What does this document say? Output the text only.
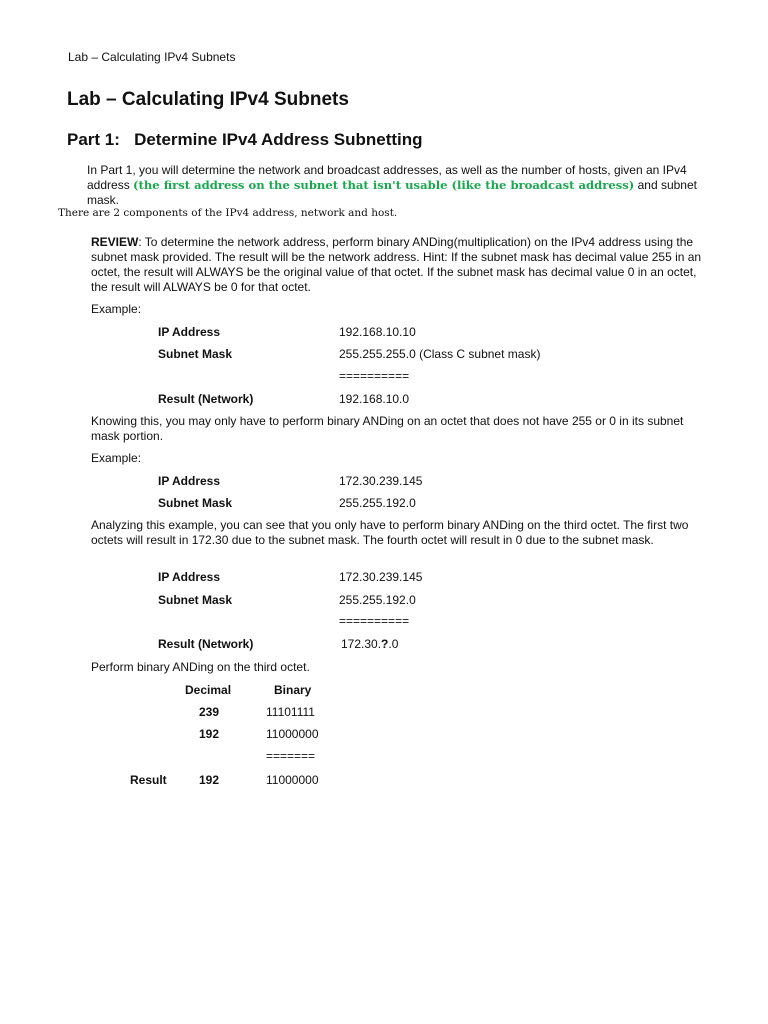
Lab – Calculating IPv4 Subnets
Lab – Calculating IPv4 Subnets
Part 1:   Determine IPv4 Address Subnetting
In Part 1, you will determine the network and broadcast addresses, as well as the number of hosts, given an IPv4 address (the first address on the subnet that isn't usable (like the broadcast address) and subnet mask.
There are 2 components of the IPv4 address, network and host.
REVIEW: To determine the network address, perform binary ANDing(multiplication) on the IPv4 address using the subnet mask provided. The result will be the network address. Hint: If the subnet mask has decimal value 255 in an octet, the result will ALWAYS be the original value of that octet. If the subnet mask has decimal value 0 in an octet, the result will ALWAYS be 0 for that octet.
Example:
IP Address	192.168.10.10
Subnet Mask	255.255.255.0 (Class C subnet mask)
==========
Result (Network)	192.168.10.0
Knowing this, you may only have to perform binary ANDing on an octet that does not have 255 or 0 in its subnet mask portion.
Example:
IP Address	172.30.239.145
Subnet Mask	255.255.192.0
Analyzing this example, you can see that you only have to perform binary ANDing on the third octet. The first two octets will result in 172.30 due to the subnet mask. The fourth octet will result in 0 due to the subnet mask.
IP Address	172.30.239.145
Subnet Mask	255.255.192.0
==========
Result (Network)	172.30.?.0
Perform binary ANDing on the third octet.
Decimal	Binary
239	11101111
192	11000000
=======
Result	192	11000000
